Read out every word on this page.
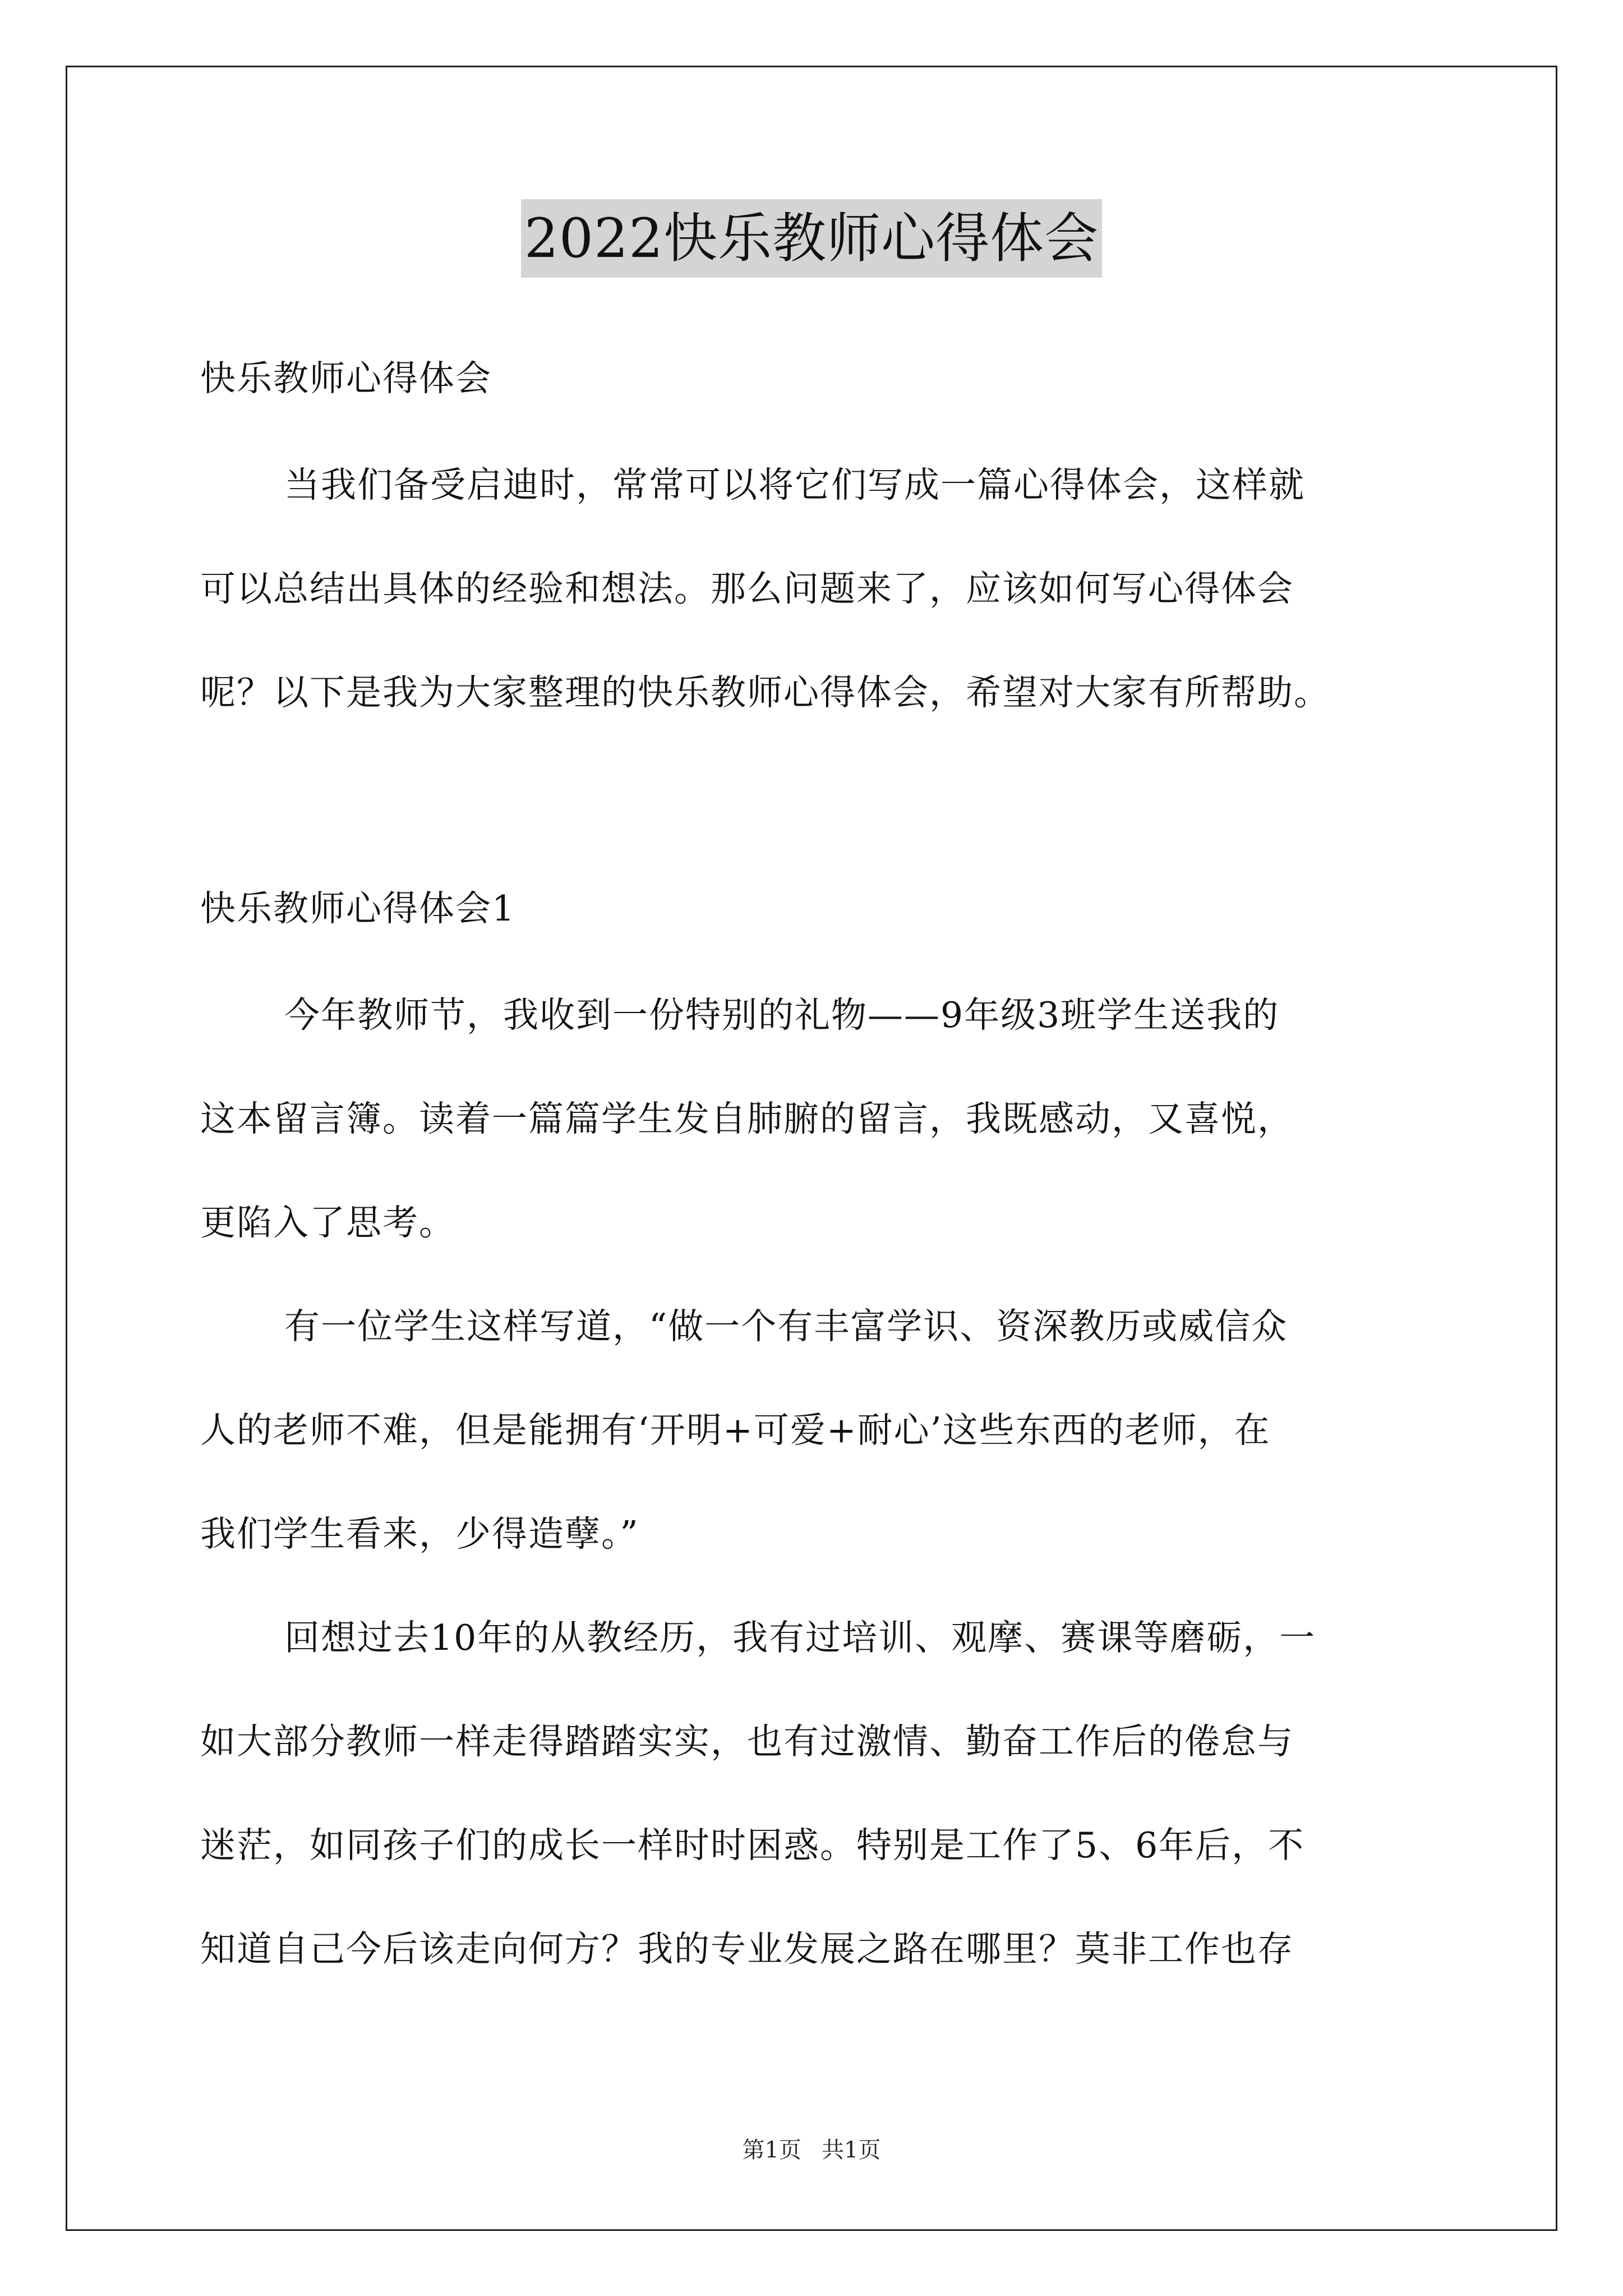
2022快乐教师心得体会
快乐教师心得体会
当我们备受启迪时，常常可以将它们写成一篇心得体会，这样就
可以总结出具体的经验和想法。那么问题来了，应该如何写心得体会
呢？以下是我为大家整理的快乐教师心得体会，希望对大家有所帮助。
快乐教师心得体会1
今年教师节，我收到一份特别的礼物——9年级3班学生送我的
这本留言簿。读着一篇篇学生发自肺腑的留言，我既感动，又喜悦，
更陷入了思考。
有一位学生这样写道，“做一个有丰富学识、资深教历或威信众
人的老师不难，但是能拥有‘开明+可爱+耐心’这些东西的老师，在
我们学生看来，少得造孽。”
回想过去10年的从教经历，我有过培训、观摩、赛课等磨砺，一
如大部分教师一样走得踏踏实实，也有过激情、勤奋工作后的倦怠与
迷茫，如同孩子们的成长一样时时困惑。特别是工作了5、6年后，不
知道自己今后该走向何方？我的专业发展之路在哪里？莫非工作也存
第1页 共1页
